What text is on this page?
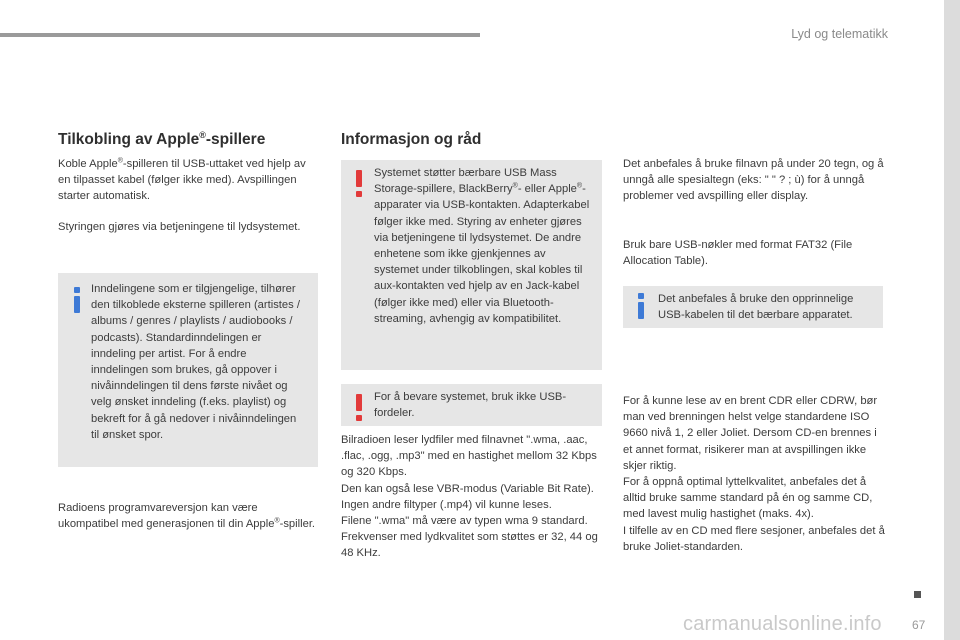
Lyd og telematikk
Tilkobling av Apple®-spillere
Koble Apple®-spilleren til USB-uttaket ved hjelp av en tilpasset kabel (følger ikke med). Avspillingen starter automatisk.
Styringen gjøres via betjeningene til lydsystemet.
Inndelingene som er tilgjengelige, tilhører den tilkoblede eksterne spilleren (artistes / albums / genres / playlists / audiobooks / podcasts). Standardinndelingen er inndeling per artist. For å endre inndelingen som brukes, gå oppover i nivåinndelingen til dens første nivået og velg ønsket inndeling (f.eks. playlist) og bekreft for å gå nedover i nivåinndelingen til ønsket spor.
Radioens programvareversjon kan være ukompatibel med generasjonen til din Apple®-spiller.
Informasjon og råd
Systemet støtter bærbare USB Mass Storage-spillere, BlackBerry®- eller Apple®-apparater via USB-kontakten. Adapterkabel følger ikke med. Styring av enheter gjøres via betjeningene til lydsystemet. De andre enhetene som ikke gjenkjennes av systemet under tilkoblingen, skal kobles til aux-kontakten ved hjelp av en Jack-kabel (følger ikke med) eller via Bluetooth-streaming, avhengig av kompatibilitet.
For å bevare systemet, bruk ikke USB-fordeler.
Bilradioen leser lydfiler med filnavnet ".wma, .aac, .flac, .ogg, .mp3" med en hastighet mellom 32 Kbps og 320 Kbps.
Den kan også lese VBR-modus (Variable Bit Rate).
Ingen andre filtyper (.mp4) vil kunne leses.
Filene ".wma" må være av typen wma 9 standard.
Frekvenser med lydkvalitet som støttes er 32, 44 og 48 KHz.
Det anbefales å bruke filnavn på under 20 tegn, og å unngå alle spesialtegn (eks: " " ? ; ù) for å unngå problemer ved avspilling eller display.
Bruk bare USB-nøkler med format FAT32 (File Allocation Table).
Det anbefales å bruke den opprinnelige USB-kabelen til det bærbare apparatet.
For å kunne lese av en brent CDR eller CDRW, bør man ved brenningen helst velge standardene ISO 9660 nivå 1, 2 eller Joliet. Dersom CD-en brennes i et annet format, risikerer man at avspillingen ikke skjer riktig.
For å oppnå optimal lyttelkvalitet, anbefales det å alltid bruke samme standard på én og samme CD, med lavest mulig hastighet (maks. 4x).
I tilfelle av en CD med flere sesjoner, anbefales det å bruke Joliet-standarden.
carmanualsonline.info	67
